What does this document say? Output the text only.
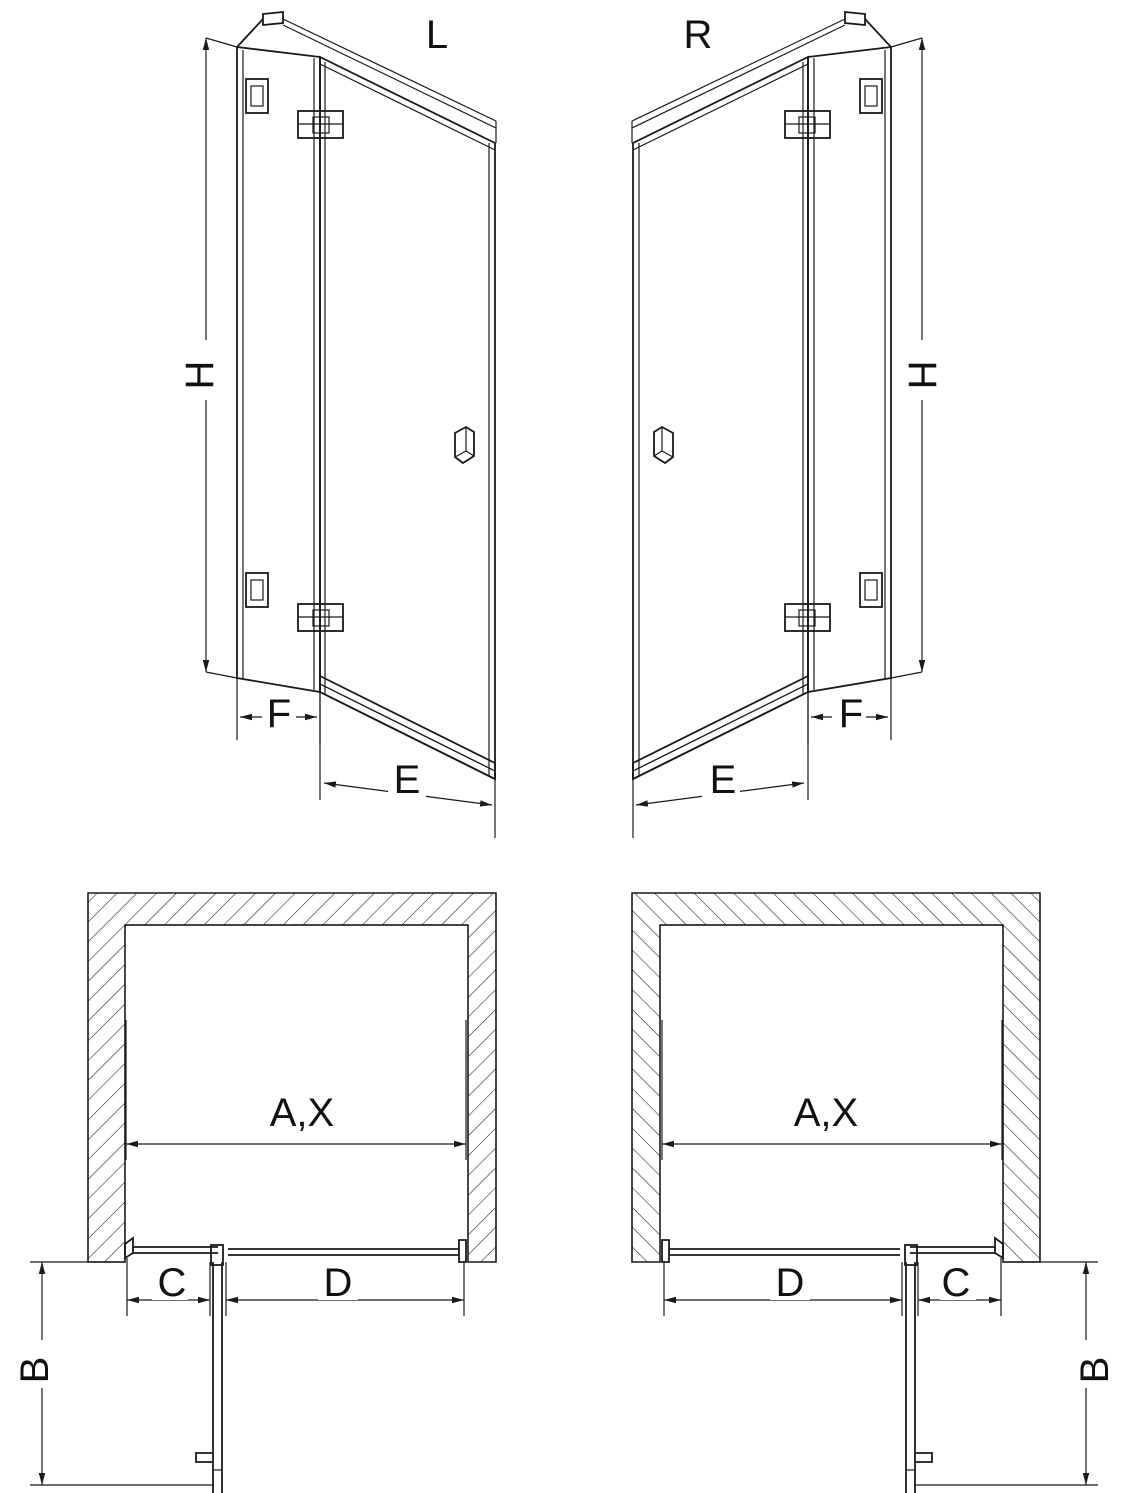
H
F
E
L	R
H
F
E
A,X
C	D
B
A,X
C
D
B
